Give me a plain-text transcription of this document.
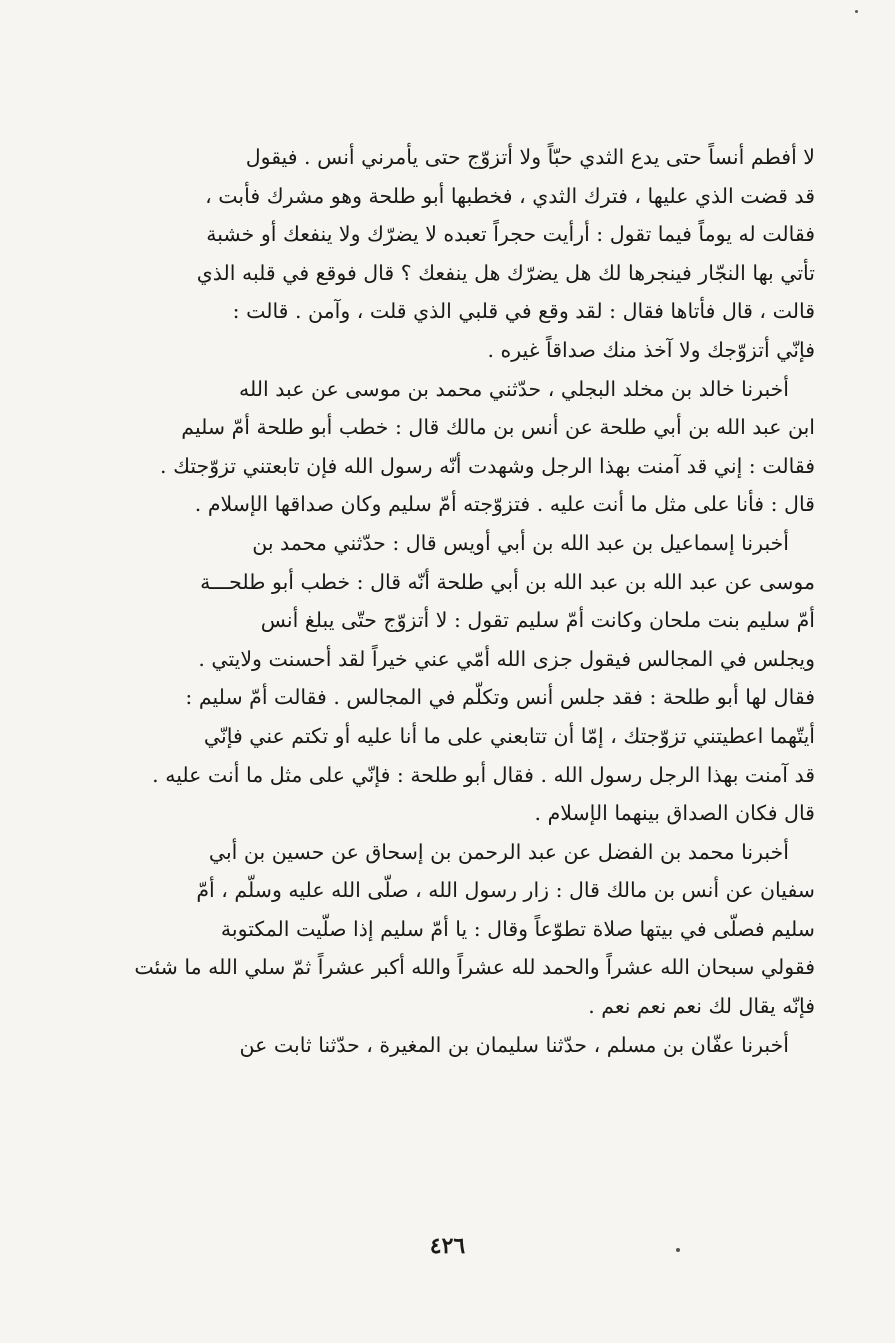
لا أفطم أنساً حتى يدع الثدي حبّاً ولا أتزوّج حتى يأمرني أنس . فيقول
قد قضت الذي عليها ، فترك الثدي ، فخطبها أبو طلحة وهو مشرك فأبت ،
فقالت له يوماً فيما تقول : أرأيت حجراً تعبده لا يضرّك ولا ينفعك أو خشبة
تأتي بها النجّار فينجرها لك هل يضرّك هل ينفعك ؟ قال فوقع في قلبه الذي
قالت ، قال فأتاها فقال : لقد وقع في قلبي الذي قلت ، وآمن . قالت :
فإنّي أتزوّجك ولا آخذ منك صداقاً غيره .
أخبرنا خالد بن مخلد البجلي ، حدّثني محمد بن موسى عن عبد الله
ابن عبد الله بن أبي طلحة عن أنس بن مالك قال : خطب أبو طلحة أمّ سليم
فقالت : إني قد آمنت بهذا الرجل وشهدت أنّه رسول الله فإن تابعتني تزوّجتك .
قال : فأنا على مثل ما أنت عليه . فتزوّجته أمّ سليم وكان صداقها الإسلام .
أخبرنا إسماعيل بن عبد الله بن أبي أويس قال : حدّثني محمد بن
موسى عن عبد الله بن عبد الله بن أبي طلحة أنّه قال : خطب أبو طلحـــة
أمّ سليم بنت ملحان وكانت أمّ سليم تقول : لا أتزوّج حتّى يبلغ أنس
ويجلس في المجالس فيقول جزى الله أمّي عني خيراً لقد أحسنت ولايتي .
فقال لها أبو طلحة : فقد جلس أنس وتكلّم في المجالس . فقالت أمّ سليم :
أيتّهما اعطيتني تزوّجتك ، إمّا أن تتابعني على ما أنا عليه أو تكتم عني فإنّي
قد آمنت بهذا الرجل رسول الله . فقال أبو طلحة : فإنّي على مثل ما أنت عليه .
قال فكان الصداق بينهما الإسلام .
أخبرنا محمد بن الفضل عن عبد الرحمن بن إسحاق عن حسين بن أبي
سفيان عن أنس بن مالك قال : زار رسول الله ، صلّى الله عليه وسلّم ، أمّ
سليم فصلّى في بيتها صلاة تطوّعاً وقال : يا أمّ سليم إذا صلّيت المكتوبة
فقولي سبحان الله عشراً والحمد لله عشراً والله أكبر عشراً ثمّ سلي الله ما شئت
فإنّه يقال لك نعم نعم نعم .
أخبرنا عفّان بن مسلم ، حدّثنا سليمان بن المغيرة ، حدّثنا ثابت عن
٤٢٦
